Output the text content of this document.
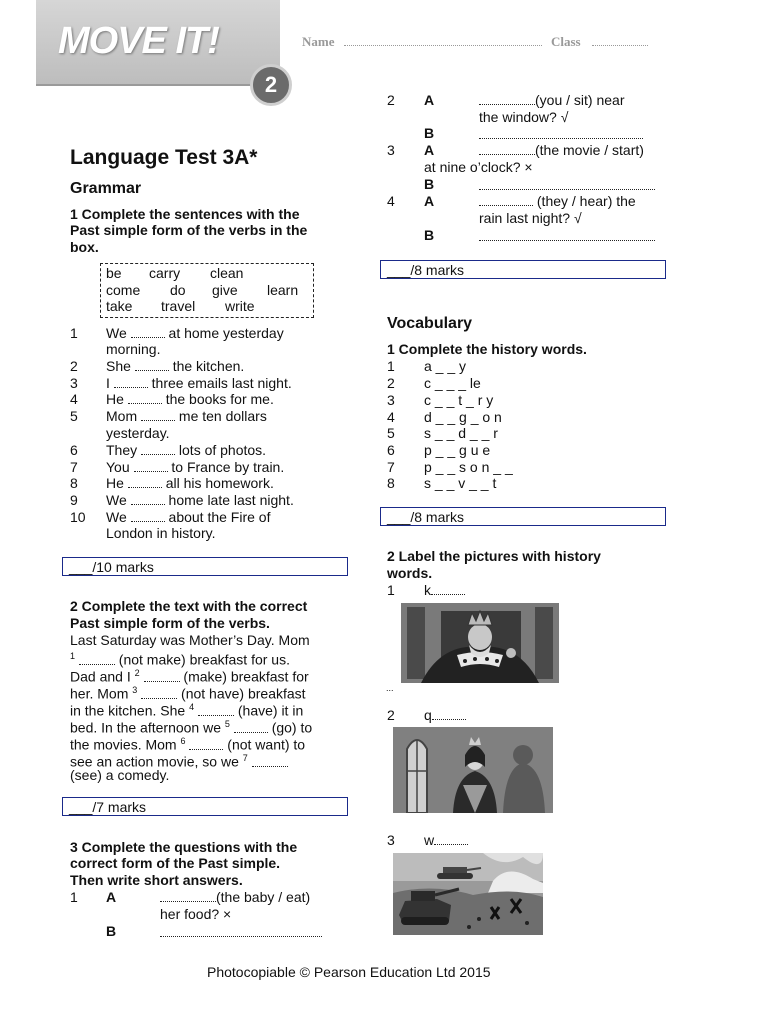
MOVE IT!
2
Name	Class
Language Test 3A*
Grammar
1 Complete the sentences with the
Past simple form of the verbs in the
box.
be carry clean
come do give learn
take travel write
1 We	at home yesterday
morning.
2 She	the kitchen.
3 I	three emails last night.
4 He	the books for me.
5 Mom	me ten dollars
yesterday.
6 They	lots of photos.
7 You	to France by train.
8 He	all his homework.
9 We	home late last night.
10 We	about the Fire of
London in history.
___/10 marks
2 Complete the text with the correct
Past simple form of the verbs.
Last Saturday was Mother’s Day. Mom
$^1$	(not make) breakfast for us.
Dad and I $^2$	(make) breakfast for
her. Mom $^3$	(not have) breakfast
in the kitchen. She $^4$	(have) it in
bed. In the afternoon we $^5$	(go) to
the movies. Mom $^6$	(not want) to
see an action movie, so we $^7$
(see) a comedy.
___/7 marks
3 Complete the questions with the
correct form of the Past simple.
Then write short answers.
1 A	(the baby / eat)
her food? ×
B
2 A	(you / sit) near
the window? √
B
3 A	(the movie / start)
at nine o’clock? ×
B
4 A	(they / hear) the
rain last night? √
B
___/8 marks
Vocabulary
1 Complete the history words.
1 a _ _ y
2 c _ _ _ le
3 c _ _ t _ r y
4 d _ _ g _ o n
5 s _ _ d _ _ r
6 p _ _ g u e
7 p _ _ s o n _ _
8 s _ _ v _ _ t
___/8 marks
2 Label the pictures with history
words.
1 k
...
2 q
3 w
Photocopiable © Pearson Education Ltd 2015
